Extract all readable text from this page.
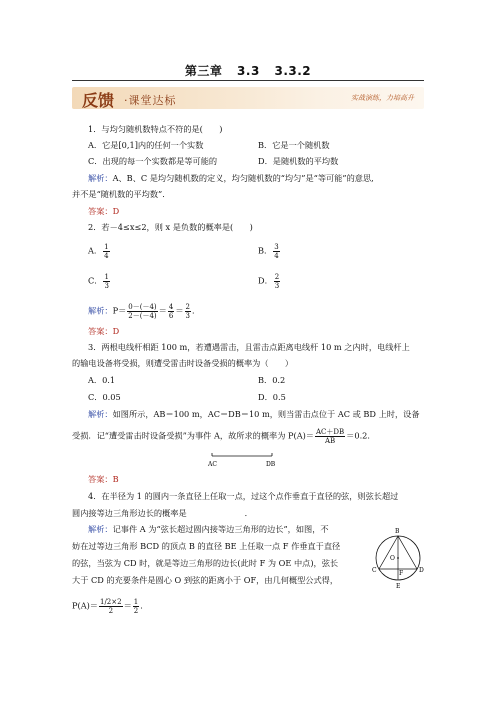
第三章 3.3 3.3.2
反馈 ·课堂达标	实战演练，力培高升
1．与均匀随机数特点不符的是(　　)
A．它是[0,1]内的任何一个实数	B．它是一个随机数
C．出现的每一个实数都是等可能的	D．是随机数的平均数
解析：A、B、C 是均匀随机数的定义，均匀随机数的“均匀”是“等可能”的意思,
并不是“随机数的平均数”．
答案：D
2．若－4≤x≤2，则 x 是负数的概率是(　　)
A． $\frac{1}{4}$	B． $\frac{3}{4}$
C． $\frac{1}{3}$	D． $\frac{2}{3}$
解析：$P= \frac{0-(-4)}{2-(-4)} = \frac{4}{6} = \frac{2}{3}$ ．
答案：D
3．两根电线杆相距 100 m，若遭遇雷击，且雷击点距离电线杆 10 m 之内时，电线杆上
的输电设备将受损，则遭受雷击时设备受损的概率为（　　）
A．0.1	B．0.2
C．0.05	D．0.5
解析：如图所示，AB＝100 m，AC＝DB＝10 m，则当雷击点位于 AC 或 BD 上时，设备
受损．记“遭受雷击时设备受损”为事件 A，故所求的概率为 $P(A)= \frac{AC+DB}{AB} =0.2$．
AC	DB
答案：B
4．在半径为 1 的圆内一条直径上任取一点，过这个点作垂直于直径的弦，则弦长超过
圆内接等边三角形边长的概率是	．
解析：记事件 A 为“弦长超过圆内接等边三角形的边长”，如图，不
妨在过等边三角形 BCD 的顶点 B 的直径 BE 上任取一点 F 作垂直于直径
的弦，当弦为 CD 时，就是等边三角形的边长(此时 F 为 OE 中点)，弦长
大于 CD 的充要条件是圆心 O 到弦的距离小于 OF，由几何概型公式得，
$P(A)= \frac{1/2\times 2}{2} = \frac{1}{2}$ ．
B
O
C	F	D
E
